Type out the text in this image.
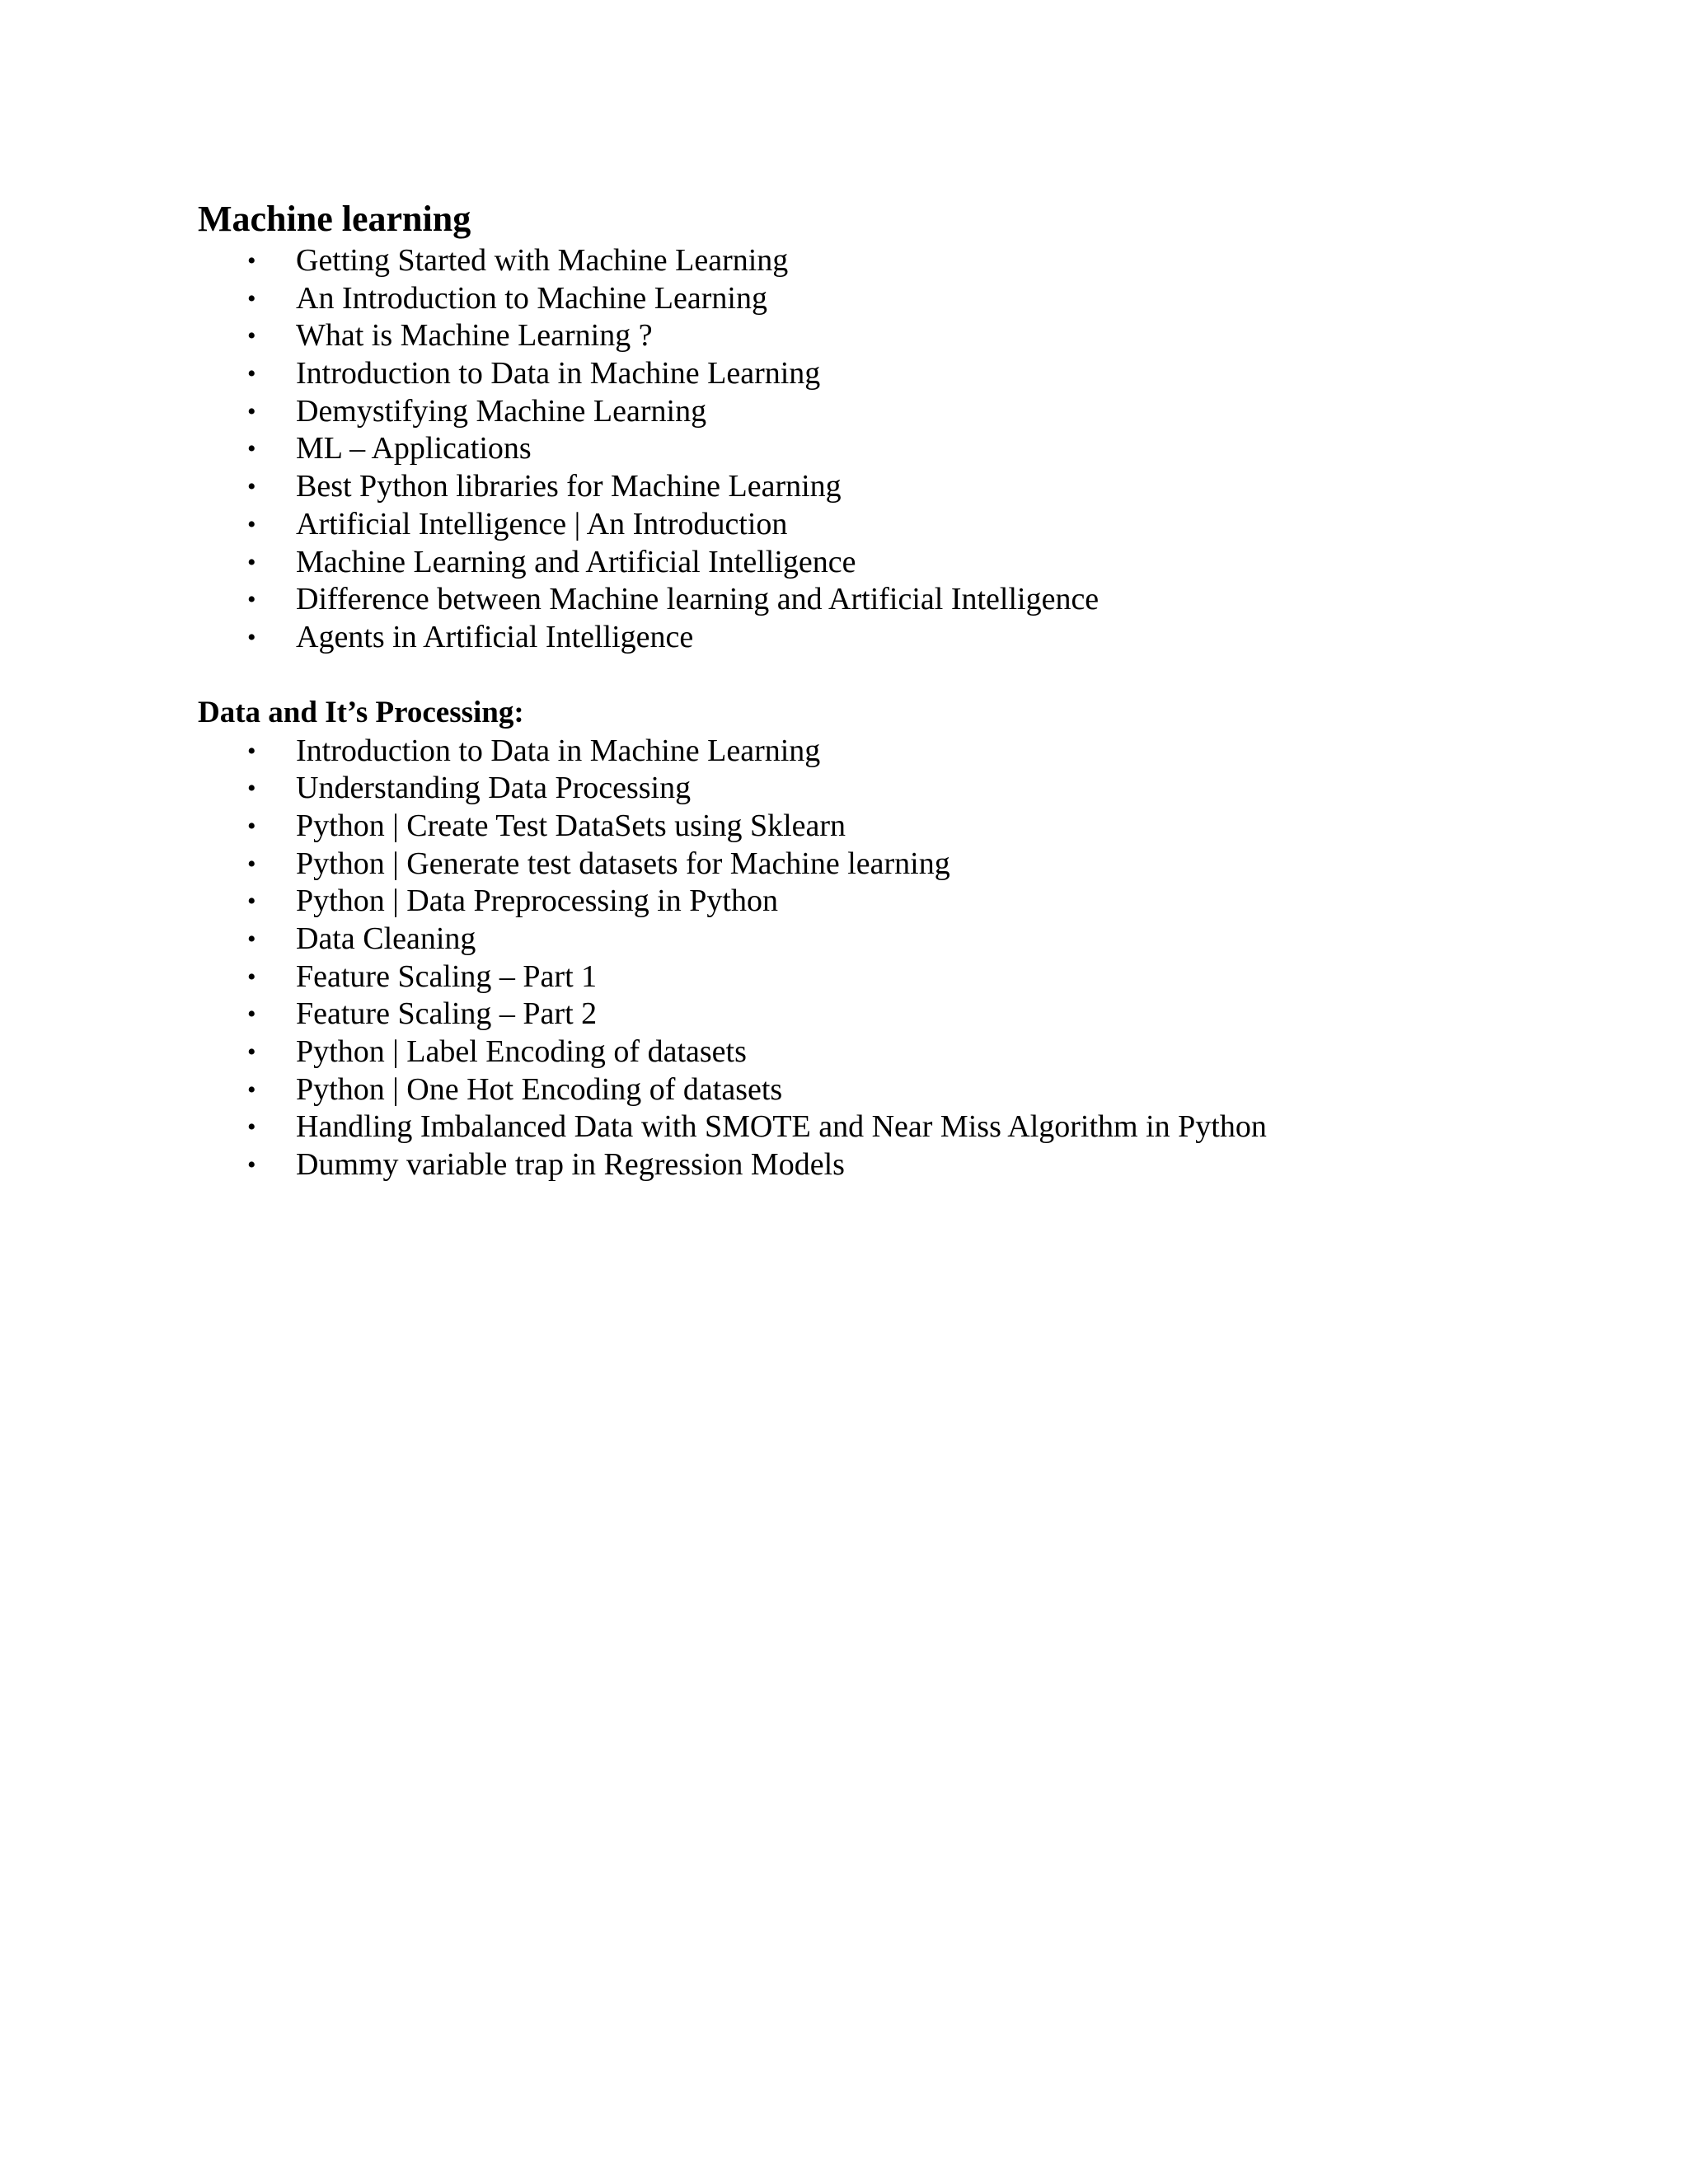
Machine learning
•	Getting Started with Machine Learning
•	An Introduction to Machine Learning
•	What is Machine Learning ?
•	Introduction to Data in Machine Learning
•	Demystifying Machine Learning
•	ML – Applications
•	Best Python libraries for Machine Learning
•	Artificial Intelligence | An Introduction
•	Machine Learning and Artificial Intelligence
•	Difference between Machine learning and Artificial Intelligence
•	Agents in Artificial Intelligence
Data and It’s Processing:
•	Introduction to Data in Machine Learning
•	Understanding Data Processing
•	Python | Create Test DataSets using Sklearn
•	Python | Generate test datasets for Machine learning
•	Python | Data Preprocessing in Python
•	Data Cleaning
•	Feature Scaling – Part 1
•	Feature Scaling – Part 2
•	Python | Label Encoding of datasets
•	Python | One Hot Encoding of datasets
•	Handling Imbalanced Data with SMOTE and Near Miss Algorithm in Python
•	Dummy variable trap in Regression Models
